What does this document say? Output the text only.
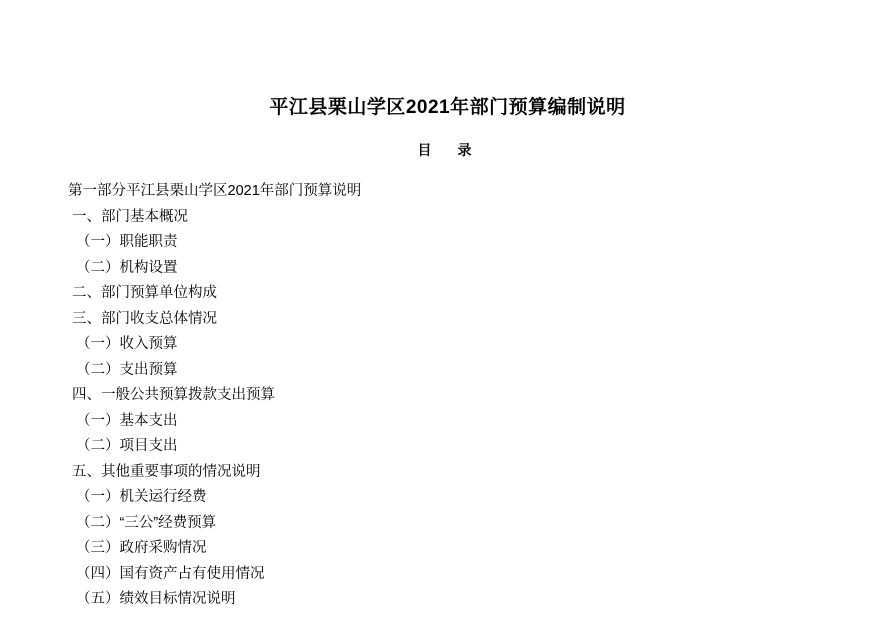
平江县栗山学区2021年部门预算编制说明
目　录
第一部分平江县栗山学区2021年部门预算说明
一、部门基本概况
（一）职能职责
（二）机构设置
二、部门预算单位构成
三、部门收支总体情况
（一）收入预算
（二）支出预算
四、一般公共预算拨款支出预算
（一）基本支出
（二）项目支出
五、其他重要事项的情况说明
（一）机关运行经费
（二）“三公”经费预算
（三）政府采购情况
（四）国有资产占有使用情况
（五）绩效目标情况说明
